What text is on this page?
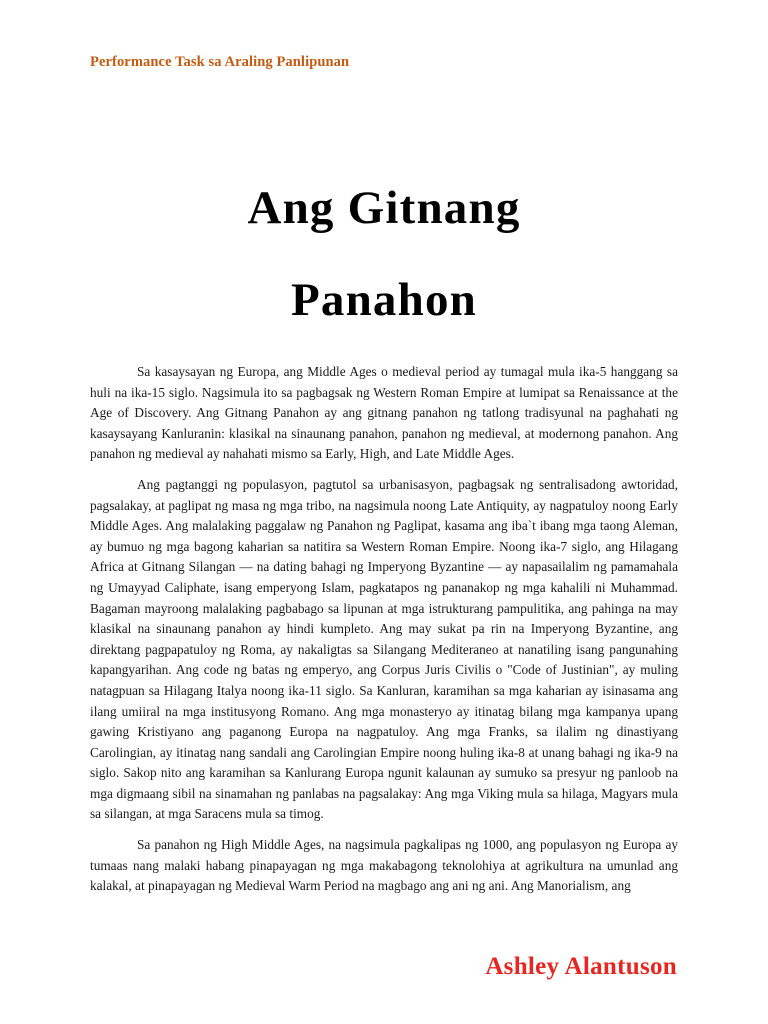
Performance Task sa Araling Panlipunan
Ang Gitnang
Panahon

Sa kasaysayan ng Europa, ang Middle Ages o medieval period ay tumagal mula ika-5 hanggang sa huli na ika-15 siglo. Nagsimula ito sa pagbagsak ng Western Roman Empire at lumipat sa Renaissance at the Age of Discovery. Ang Gitnang Panahon ay ang gitnang panahon ng tatlong tradisyunal na paghahati ng kasaysayang Kanluranin: klasikal na sinaunang panahon, panahon ng medieval, at modernong panahon. Ang panahon ng medieval ay nahahati mismo sa Early, High, and Late Middle Ages.

Ang pagtanggi ng populasyon, pagtutol sa urbanisasyon, pagbagsak ng sentralisadong awtoridad, pagsalakay, at paglipat ng masa ng mga tribo, na nagsimula noong Late Antiquity, ay nagpatuloy noong Early Middle Ages. Ang malalaking paggalaw ng Panahon ng Paglipat, kasama ang iba`t ibang mga taong Aleman, ay bumuo ng mga bagong kaharian sa natitira sa Western Roman Empire. Noong ika-7 siglo, ang Hilagang Africa at Gitnang Silangan — na dating bahagi ng Imperyong Byzantine — ay napasailalim ng pamamahala ng Umayyad Caliphate, isang emperyong Islam, pagkatapos ng pananakop ng mga kahalili ni Muhammad. Bagaman mayroong malalaking pagbabago sa lipunan at mga istrukturang pampulitika, ang pahinga na may klasikal na sinaunang panahon ay hindi kumpleto. Ang may sukat pa rin na Imperyong Byzantine, ang direktang pagpapatuloy ng Roma, ay nakaligtas sa Silangang Mediteraneo at nanatiling isang pangunahing kapangyarihan. Ang code ng batas ng emperyo, ang Corpus Juris Civilis o "Code of Justinian", ay muling natagpuan sa Hilagang Italya noong ika-11 siglo. Sa Kanluran, karamihan sa mga kaharian ay isinasama ang ilang umiiral na mga institusyong Romano. Ang mga monasteryo ay itinatag bilang mga kampanya upang gawing Kristiyano ang paganong Europa na nagpatuloy. Ang mga Franks, sa ilalim ng dinastiyang Carolingian, ay itinatag nang sandali ang Carolingian Empire noong huling ika-8 at unang bahagi ng ika-9 na siglo. Sakop nito ang karamihan sa Kanlurang Europa ngunit kalaunan ay sumuko sa presyur ng panloob na mga digmaang sibil na sinamahan ng panlabas na pagsalakay: Ang mga Viking mula sa hilaga, Magyars mula sa silangan, at mga Saracens mula sa timog.

Sa panahon ng High Middle Ages, na nagsimula pagkalipas ng 1000, ang populasyon ng Europa ay tumaas nang malaki habang pinapayagan ng mga makabagong teknolohiya at agrikultura na umunlad ang kalakal, at pinapayagan ng Medieval Warm Period na magbago ang ani ng ani. Ang Manorialism, ang

Ashley Alantuson
